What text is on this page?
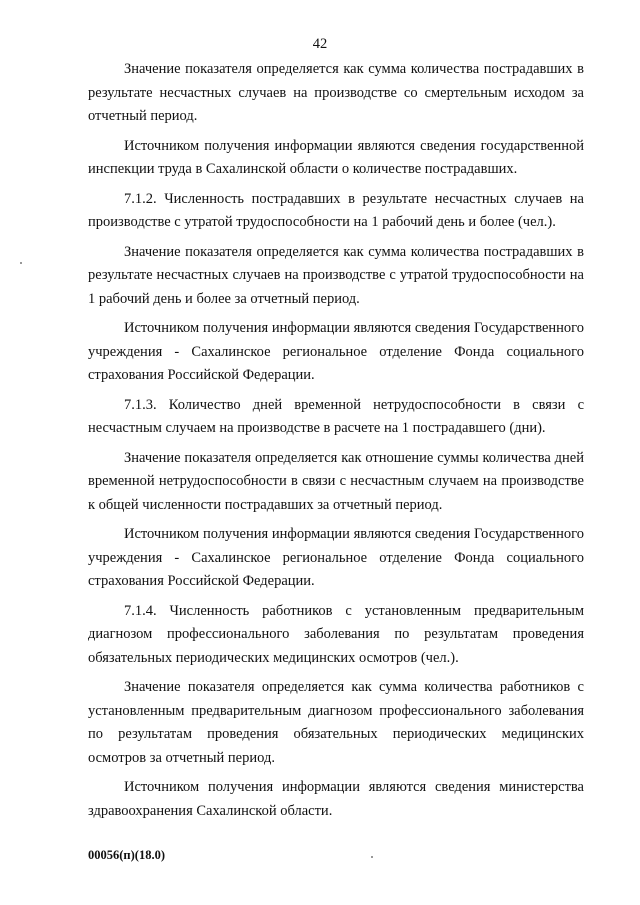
42

Значение показателя определяется как сумма количества пострадавших в результате несчастных случаев на производстве со смертельным исходом за отчетный период.

Источником получения информации являются сведения государственной инспекции труда в Сахалинской области о количестве пострадавших.

7.1.2. Численность пострадавших в результате несчастных случаев на производстве с утратой трудоспособности на 1 рабочий день и более (чел.).

Значение показателя определяется как сумма количества пострадавших в результате несчастных случаев на производстве с утратой трудоспособности на 1 рабочий день и более за отчетный период.

Источником получения информации являются сведения Государственного учреждения - Сахалинское региональное отделение Фонда социального страхования Российской Федерации.

7.1.3. Количество дней временной нетрудоспособности в связи с несчастным случаем на производстве в расчете на 1 пострадавшего (дни).

Значение показателя определяется как отношение суммы количества дней временной нетрудоспособности в связи с несчастным случаем на производстве к общей численности пострадавших за отчетный период.

Источником получения информации являются сведения Государственного учреждения - Сахалинское региональное отделение Фонда социального страхования Российской Федерации.

7.1.4. Численность работников с установленным предварительным диагнозом профессионального заболевания по результатам проведения обязательных периодических медицинских осмотров (чел.).

Значение показателя определяется как сумма количества работников с установленным предварительным диагнозом профессионального заболевания по результатам проведения обязательных периодических медицинских осмотров за отчетный период.

Источником получения информации являются сведения министерства здравоохранения Сахалинской области.

00056(п)(18.0)
